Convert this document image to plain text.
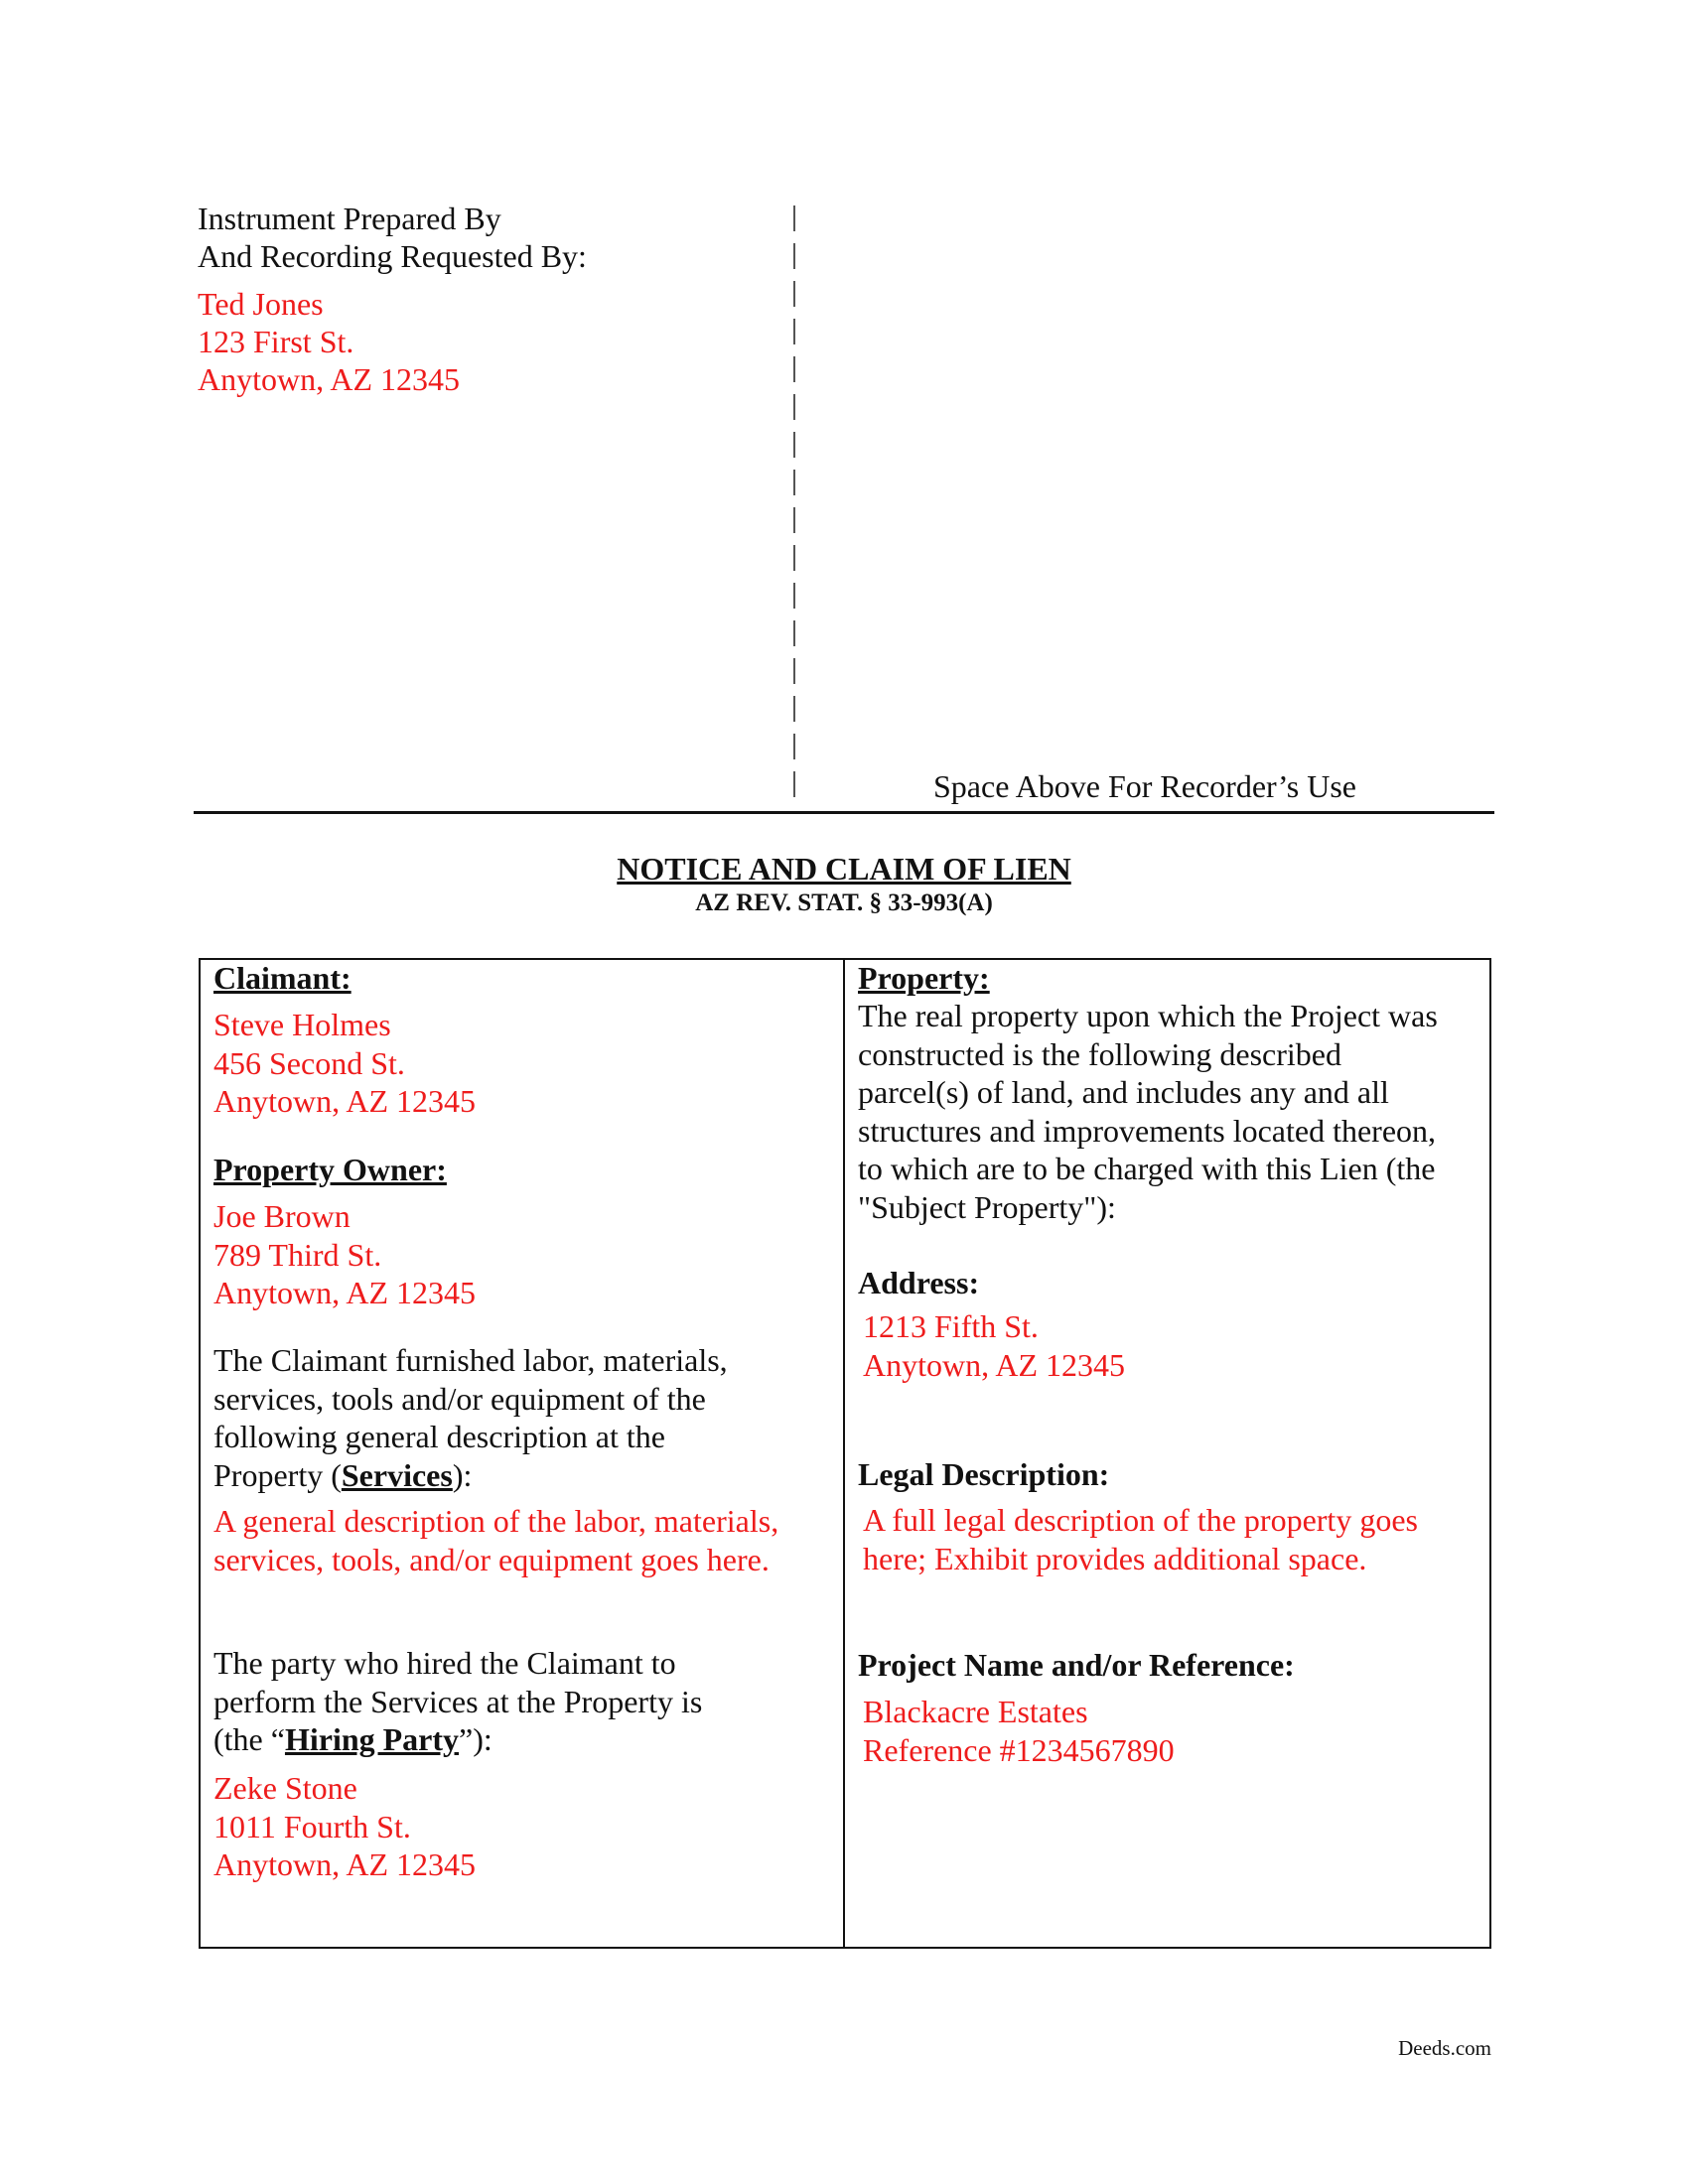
Instrument Prepared By
And Recording Requested By:
Ted Jones
123 First St.
Anytown, AZ 12345
Space Above For Recorder’s Use
NOTICE AND CLAIM OF LIEN
AZ REV. STAT. § 33-993(A)
Claimant:
Steve Holmes
456 Second St.
Anytown, AZ 12345
Property Owner:
Joe Brown
789 Third St.
Anytown, AZ 12345
The Claimant furnished labor, materials,
services, tools and/or equipment of the
following general description at the
Property (Services):
A general description of the labor, materials,
services, tools, and/or equipment goes here.
The party who hired the Claimant to
perform the Services at the Property is
(the “Hiring Party”):
Zeke Stone
1011 Fourth St.
Anytown, AZ 12345
Property:
The real property upon which the Project was
constructed is the following described
parcel(s) of land, and includes any and all
structures and improvements located thereon,
to which are to be charged with this Lien (the
"Subject Property"):
Address:
1213 Fifth St.
Anytown, AZ 12345
Legal Description:
A full legal description of the property goes
here; Exhibit provides additional space.
Project Name and/or Reference:
Blackacre Estates
Reference #1234567890
Deeds.com
